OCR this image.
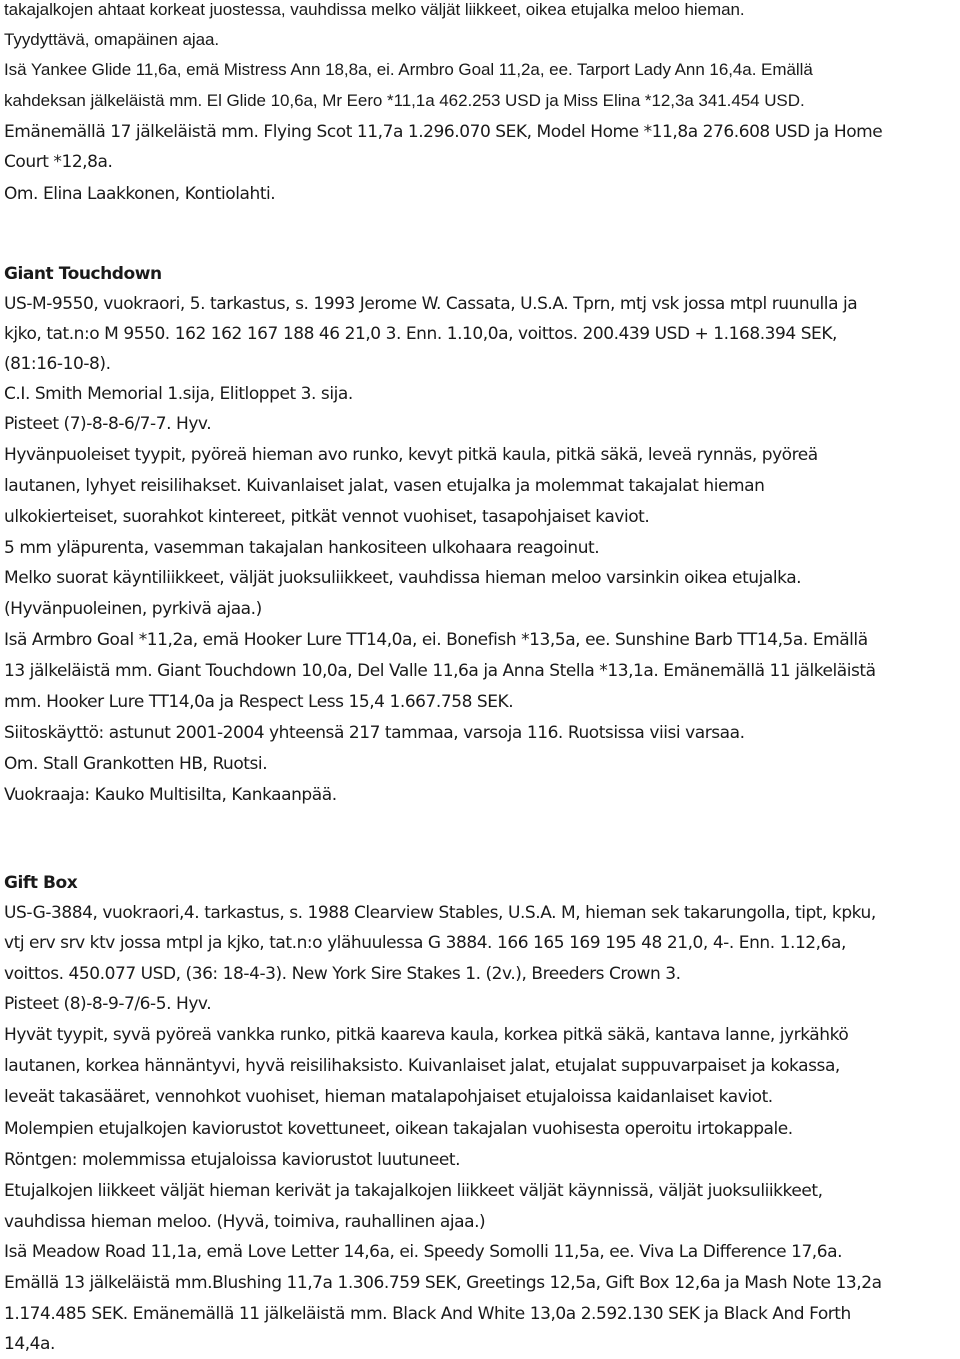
takajalkojen ahtaat korkeat juostessa, vauhdissa melko väljät liikkeet, oikea etujalka meloo hieman.
Tyydyttävä, omapäinen ajaa.
Isä Yankee Glide 11,6a, emä Mistress Ann 18,8a, ei. Armbro Goal 11,2a, ee. Tarport Lady Ann 16,4a. Emällä
kahdeksan jälkeläistä mm. El Glide 10,6a, Mr Eero *11,1a 462.253 USD ja Miss Elina *12,3a 341.454 USD.
Emänemällä 17 jälkeläistä mm. Flying Scot 11,7a 1.296.070 SEK, Model Home *11,8a 276.608 USD ja Home
Court *12,8a.
Om. Elina Laakkonen, Kontiolahti.
Giant Touchdown
US-M-9550, vuokraori, 5. tarkastus, s. 1993 Jerome W. Cassata, U.S.A. Tprn, mtj vsk jossa mtpl ruunulla ja
kjko, tat.n:o M 9550. 162 162 167 188 46 21,0 3. Enn. 1.10,0a, voittos. 200.439 USD + 1.168.394 SEK,
(81:16-10-8).
C.I. Smith Memorial 1.sija, Elitloppet 3. sija.
Pisteet (7)-8-8-6/7-7. Hyv.
Hyvänpuoleiset tyypit, pyöreä hieman avo runko, kevyt pitkä kaula, pitkä säkä, leveä rynnäs, pyöreä
lautanen, lyhyet reisilihakset. Kuivanlaiset jalat, vasen etujalka ja molemmat takajalat hieman
ulkokierteiset, suorahkot kintereet, pitkät vennot vuohiset, tasapohjaiset kaviot.
5 mm yläpurenta, vasemman takajalan hankositeen ulkohaara reagoinut.
Melko suorat käyntiliikkeet, väljät juoksuliikkeet, vauhdissa hieman meloo varsinkin oikea etujalka.
(Hyvänpuoleinen, pyrkivä ajaa.)
Isä Armbro Goal *11,2a, emä Hooker Lure TT14,0a, ei. Bonefish *13,5a, ee. Sunshine Barb TT14,5a. Emällä
13 jälkeläistä mm. Giant Touchdown 10,0a, Del Valle 11,6a ja Anna Stella *13,1a. Emänemällä 11 jälkeläistä
mm. Hooker Lure TT14,0a ja Respect Less 15,4 1.667.758 SEK.
Siitoskäyttö: astunut 2001-2004 yhteensä 217 tammaa, varsoja 116. Ruotsissa viisi varsaa.
Om. Stall Grankotten HB, Ruotsi.
Vuokraaja: Kauko Multisilta, Kankaanpää.
Gift Box
US-G-3884, vuokraori,4. tarkastus, s. 1988 Clearview Stables, U.S.A. M, hieman sek takarungolla, tipt, kpku,
vtj erv srv ktv jossa mtpl ja kjko, tat.n:o ylähuulessa G 3884. 166 165 169 195 48 21,0, 4-. Enn. 1.12,6a,
voittos. 450.077 USD, (36: 18-4-3). New York Sire Stakes 1. (2v.), Breeders Crown 3.
Pisteet (8)-8-9-7/6-5. Hyv.
Hyvät tyypit, syvä pyöreä vankka runko, pitkä kaareva kaula, korkea pitkä säkä, kantava lanne, jyrkähkö
lautanen, korkea hännäntyvi, hyvä reisilihaksisto. Kuivanlaiset jalat, etujalat suppuvarpaiset ja kokassa,
leveät takasääret, vennohkot vuohiset, hieman matalapohjaiset etujaloissa kaidanlaiset kaviot.
Molempien etujalkojen kaviorustot kovettuneet, oikean takajalan vuohisesta operoitu irtokappale.
Röntgen: molemmissa etujaloissa kaviorustot luutuneet.
Etujalkojen liikkeet väljät hieman kerivät ja takajalkojen liikkeet väljät käynnissä, väljät juoksuliikkeet,
vauhdissa hieman meloo. (Hyvä, toimiva, rauhallinen ajaa.)
Isä Meadow Road 11,1a, emä Love Letter 14,6a, ei. Speedy Somolli 11,5a, ee. Viva La Difference 17,6a.
Emällä 13 jälkeläistä mm.Blushing 11,7a 1.306.759 SEK, Greetings 12,5a, Gift Box 12,6a ja Mash Note 13,2a
1.174.485 SEK. Emänemällä 11 jälkeläistä mm. Black And White 13,0a 2.592.130 SEK ja Black And Forth
14,4a.
